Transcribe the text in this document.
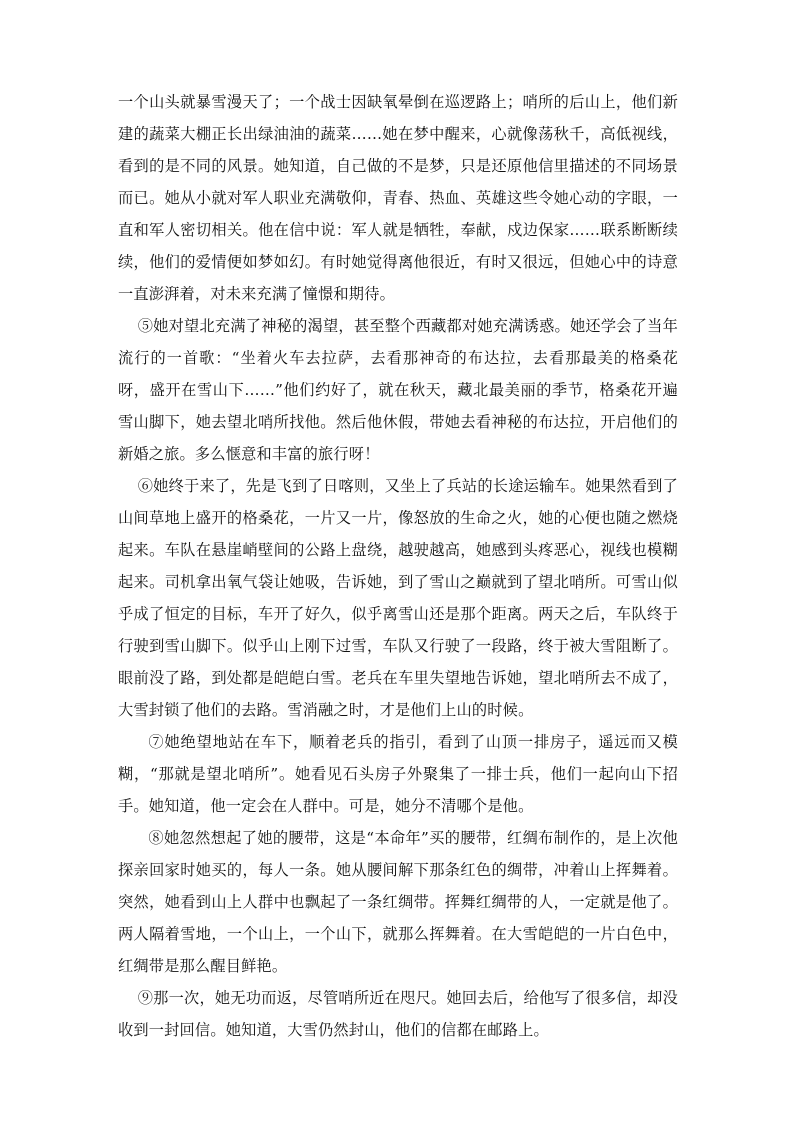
一个山头就暴雪漫天了；一个战士因缺氧晕倒在巡逻路上；哨所的后山上，他们新建的蔬菜大棚正长出绿油油的蔬菜……她在梦中醒来，心就像荡秋千，高低视线，看到的是不同的风景。她知道，自己做的不是梦，只是还原他信里描述的不同场景而已。她从小就对军人职业充满敬仰，青春、热血、英雄这些令她心动的字眼，一直和军人密切相关。他在信中说：军人就是牺牲，奉献，戍边保家……联系断断续续，他们的爱情便如梦如幻。有时她觉得离他很近，有时又很远，但她心中的诗意一直澎湃着，对未来充满了憧憬和期待。

⑤她对望北充满了神秘的渴望，甚至整个西藏都对她充满诱惑。她还学会了当年流行的一首歌：“坐着火车去拉萨，去看那神奇的布达拉，去看那最美的格桑花呀，盛开在雪山下……”他们约好了，就在秋天，藏北最美丽的季节，格桑花开遍雪山脚下，她去望北哨所找他。然后他休假，带她去看神秘的布达拉，开启他们的新婚之旅。多么惬意和丰富的旅行呀！

⑥她终于来了，先是飞到了日喀则，又坐上了兵站的长途运输车。她果然看到了山间草地上盛开的格桑花，一片又一片，像怒放的生命之火，她的心便也随之燃烧起来。车队在悬崖峭壁间的公路上盘绕，越驶越高，她感到头疼恶心，视线也模糊起来。司机拿出氧气袋让她吸，告诉她，到了雪山之巅就到了望北哨所。可雪山似乎成了恒定的目标，车开了好久，似乎离雪山还是那个距离。两天之后，车队终于行驶到雪山脚下。似乎山上刚下过雪，车队又行驶了一段路，终于被大雪阻断了。眼前没了路，到处都是皑皑白雪。老兵在车里失望地告诉她，望北哨所去不成了，大雪封锁了他们的去路。雪消融之时，才是他们上山的时候。

⑦她绝望地站在车下，顺着老兵的指引，看到了山顶一排房子，遥远而又模糊，“那就是望北哨所”。她看见石头房子外聚集了一排士兵，他们一起向山下招手。她知道，他一定会在人群中。可是，她分不清哪个是他。

⑧她忽然想起了她的腰带，这是“本命年”买的腰带，红绸布制作的，是上次他探亲回家时她买的，每人一条。她从腰间解下那条红色的绸带，冲着山上挥舞着。突然，她看到山上人群中也飘起了一条红绸带。挥舞红绸带的人，一定就是他了。两人隔着雪地，一个山上，一个山下，就那么挥舞着。在大雪皑皑的一片白色中，红绸带是那么醒目鲜艳。

⑨那一次，她无功而返，尽管哨所近在咫尺。她回去后，给他写了很多信，却没收到一封回信。她知道，大雪仍然封山，他们的信都在邮路上。
